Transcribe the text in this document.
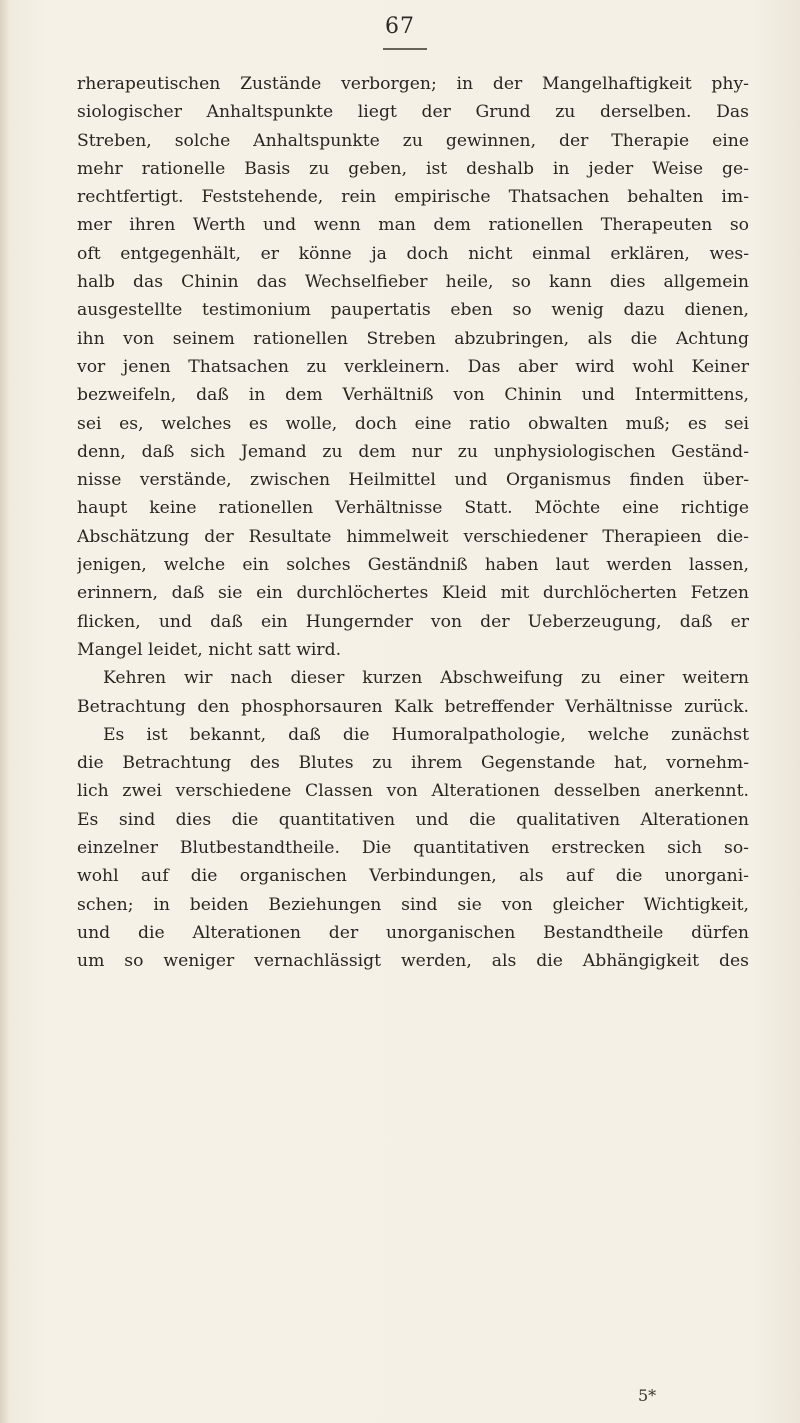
67
rherapeutischen Zustände verborgen; in der Mangelhaftigkeit phy-
siologischer Anhaltspunkte liegt der Grund zu derselben. Das
Streben, solche Anhaltspunkte zu gewinnen, der Therapie eine
mehr rationelle Basis zu geben, ist deshalb in jeder Weise ge-
rechtfertigt. Feststehende, rein empirische Thatsachen behalten im-
mer ihren Werth und wenn man dem rationellen Therapeuten so
oft entgegenhält, er könne ja doch nicht einmal erklären, wes-
halb das Chinin das Wechselfieber heile, so kann dies allgemein
ausgestellte testimonium paupertatis eben so wenig dazu dienen,
ihn von seinem rationellen Streben abzubringen, als die Achtung
vor jenen Thatsachen zu verkleinern. Das aber wird wohl Keiner
bezweifeln, daß in dem Verhältniß von Chinin und Intermittens,
sei es, welches es wolle, doch eine ratio obwalten muß; es sei
denn, daß sich Jemand zu dem nur zu unphysiologischen Geständ-
nisse verstände, zwischen Heilmittel und Organismus finden über-
haupt keine rationellen Verhältnisse Statt. Möchte eine richtige
Abschätzung der Resultate himmelweit verschiedener Therapieen die-
jenigen, welche ein solches Geständniß haben laut werden lassen,
erinnern, daß sie ein durchlöchertes Kleid mit durchlöcherten Fetzen
flicken, und daß ein Hungernder von der Ueberzeugung, daß er
Mangel leidet, nicht satt wird.
Kehren wir nach dieser kurzen Abschweifung zu einer weitern
Betrachtung den phosphorsauren Kalk betreffender Verhältnisse zurück.
Es ist bekannt, daß die Humoralpathologie, welche zunächst
die Betrachtung des Blutes zu ihrem Gegenstande hat, vornehm-
lich zwei verschiedene Classen von Alterationen desselben anerkennt.
Es sind dies die quantitativen und die qualitativen Alterationen
einzelner Blutbestandtheile. Die quantitativen erstrecken sich so-
wohl auf die organischen Verbindungen, als auf die unorgani-
schen; in beiden Beziehungen sind sie von gleicher Wichtigkeit,
und die Alterationen der unorganischen Bestandtheile dürfen
um so weniger vernachlässigt werden, als die Abhängigkeit des
5*
